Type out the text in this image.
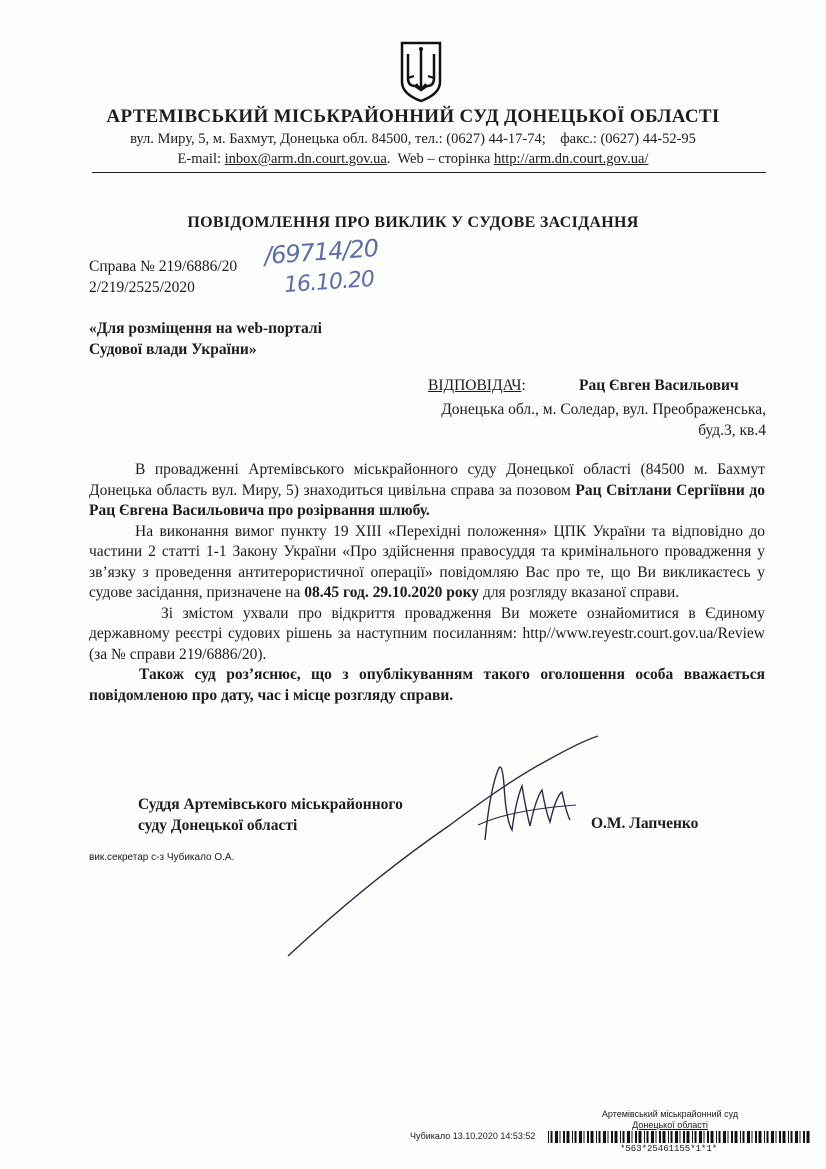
АРТЕМІВСЬКИЙ МІСЬКРАЙОННИЙ СУД ДОНЕЦЬКОЇ ОБЛАСТІ
вул. Миру, 5, м. Бахмут, Донецька обл. 84500, тел.: (0627) 44-17-74; факс.: (0627) 44-52-95
E-mail: inbox@arm.dn.court.gov.ua.  Web – сторінка http://arm.dn.court.gov.ua/
ПОВІДОМЛЕННЯ ПРО ВИКЛИК У СУДОВЕ ЗАСІДАННЯ
Справа № 219/6886/20
2/219/2525/2020
/69714/20
16.10.20
«Для розміщення на web-порталі
Судової влади України»
ВІДПОВІДАЧ:	Рац Євген Васильович
Донецька обл., м. Соледар, вул. Преображенська,
буд.3, кв.4

В провадженні Артемівського міськрайонного суду Донецької області (84500 м. Бахмут Донецька область вул. Миру, 5) знаходиться цивільна справа за позовом Рац Світлани Сергіївни до Рац Євгена Васильовича про розірвання шлюбу.

На виконання вимог пункту 19 ХІІІ «Перехідні положення» ЦПК України та відповідно до частини 2 статті 1-1 Закону України «Про здійснення правосуддя та кримінального провадження у зв’язку з проведення антитерористичної операції» повідомляю Вас про те, що Ви викликаєтесь у судове засідання, призначене на 08.45 год. 29.10.2020 року для розгляду вказаної справи.

Зі змістом ухвали про відкриття провадження Ви можете ознайомитися в Єдиному державному реєстрі судових рішень за наступним посиланням: http//www.reyestr.court.gov.ua/Review (за № справи 219/6886/20).

Також суд роз’яснює, що з опублікуванням такого оголошення особа вважається повідомленою про дату, час і місце розгляду справи.

Суддя Артемівського міськрайонного
суду Донецької області	О.М. Лапченко
вик.секретар с-з Чубикало О.А.
Артемівський міськрайонний суд
Донецької області
Чубикало 13.10.2020 14:53:52
*563*25461155*1*1*
